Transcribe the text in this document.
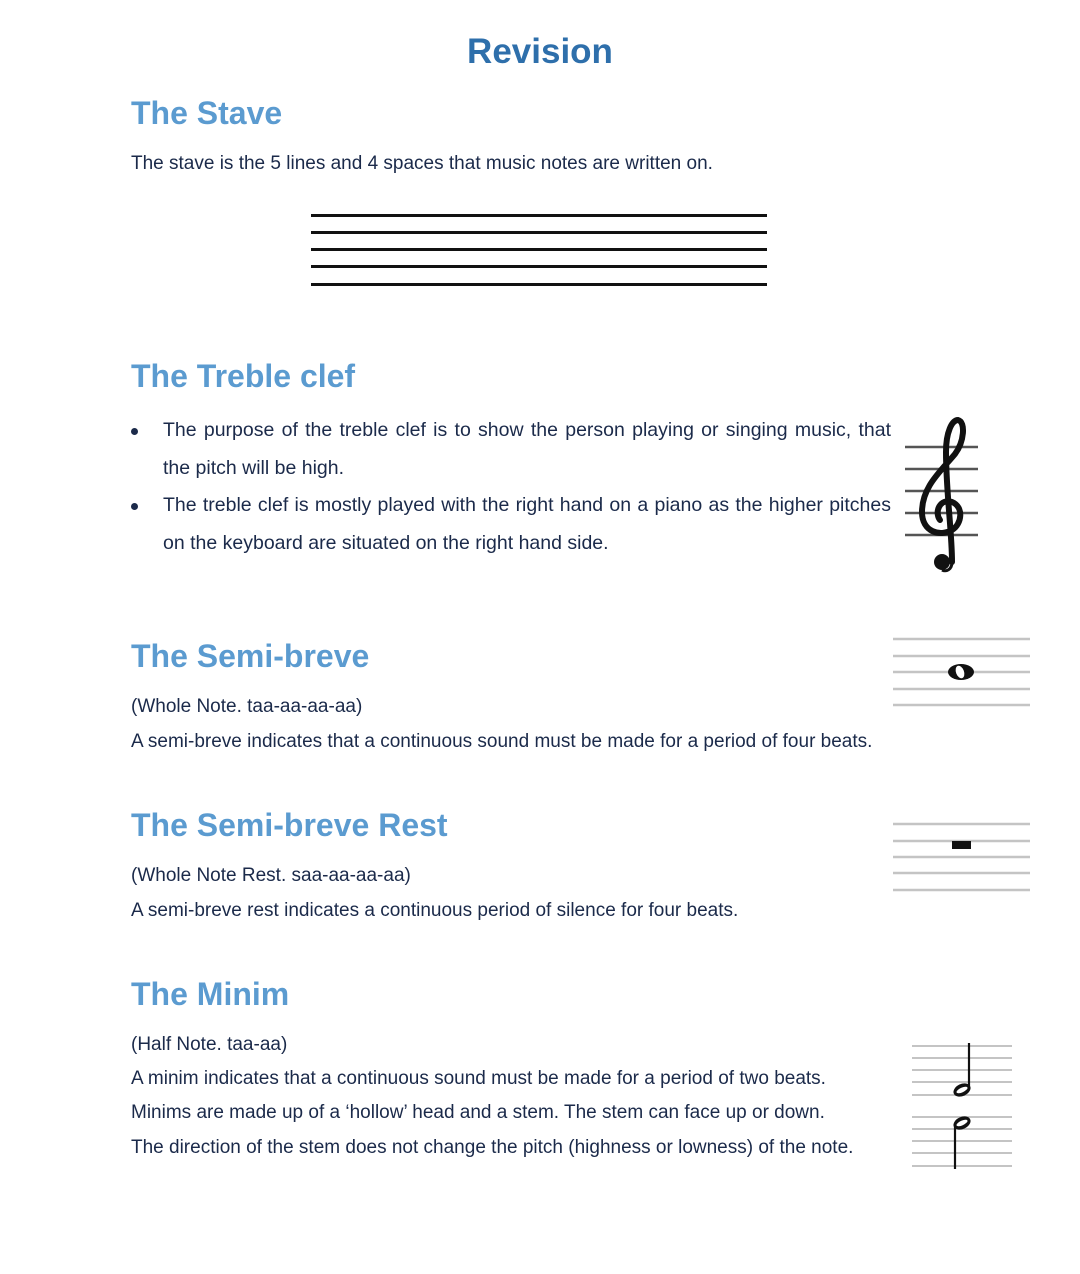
Revision
The Stave
The stave is the 5 lines and 4 spaces that music notes are written on.
The Treble clef
The purpose of the treble clef is to show the person playing or singing music, that the pitch will be high.
The treble clef is mostly played with the right hand on a piano as the higher pitches on the keyboard are situated on the right hand side.
The Semi-breve
(Whole Note. taa-aa-aa-aa)
A semi-breve indicates that a continuous sound must be made for a period of four beats.
The Semi-breve Rest
(Whole Note Rest. saa-aa-aa-aa)
A semi-breve rest indicates a continuous period of silence for four beats.
The Minim
(Half Note. taa-aa)
A minim indicates that a continuous sound must be made for a period of two beats.
Minims are made up of a ‘hollow’ head and a stem. The stem can face up or down.
The direction of the stem does not change the pitch (highness or lowness) of the note.
